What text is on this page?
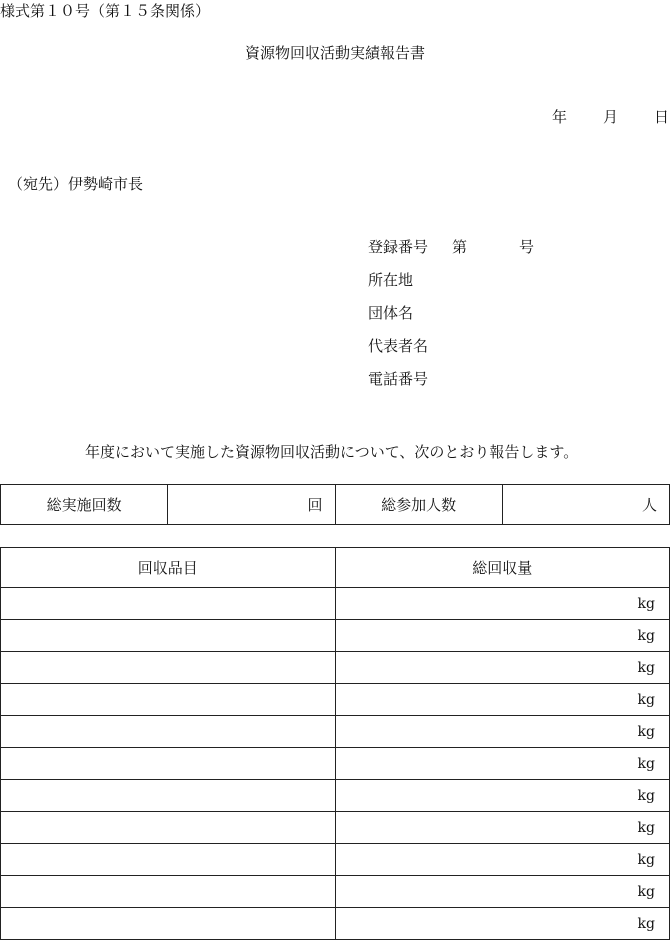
様式第１０号（第１５条関係）
資源物回収活動実績報告書
年 月 日
（宛先）伊勢崎市長
登録番号 第	号
所在地
団体名
代表者名
電話番号
年度において実施した資源物回収活動について、次のとおり報告します。
総実施回数	回	総参加人数	人
回収品目	総回収量
	kg
	kg
	kg
	kg
	kg
	kg
	kg
	kg
	kg
	kg
	kg
